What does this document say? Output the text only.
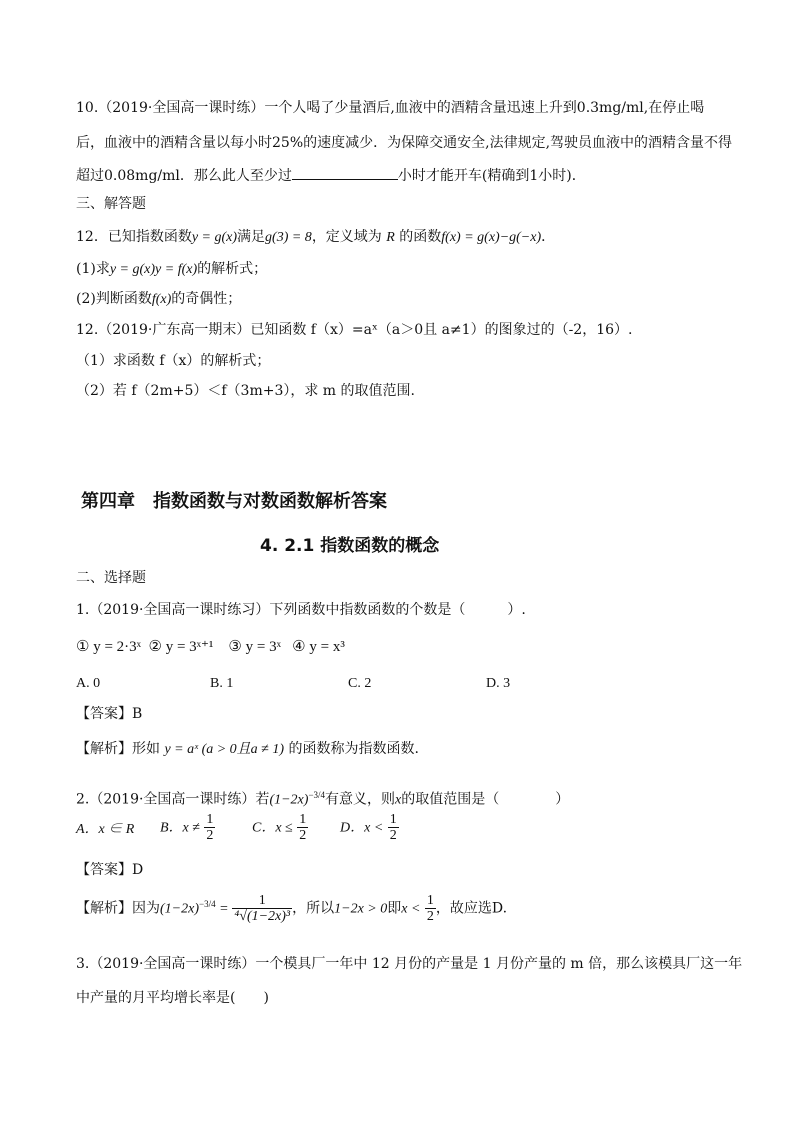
10.（2019·全国高一课时练）一个人喝了少量酒后,血液中的酒精含量迅速上升到0.3mg/ml,在停止喝
后，血液中的酒精含量以每小时25%的速度减少．为保障交通安全,法律规定,驾驶员血液中的酒精含量不得
超过0.08mg/ml．那么此人至少过	小时才能开车(精确到1小时)．
三、解答题
12．已知指数函数y = g(x)满足g(3) = 8，定义域为 R 的函数f(x) = g(x)−g(−x)．
(1)求y = g(x)y = f(x)的解析式；
(2)判断函数f(x)的奇偶性；
12.（2019·广东高一期末）已知函数 f（x）=aˣ（a＞0且 a≠1）的图象过的（-2，16）.
（1）求函数 f（x）的解析式；
（2）若 f（2m+5）＜f（3m+3），求 m 的取值范围.
第四章　指数函数与对数函数解析答案
4. 2.1 指数函数的概念
二、选择题
1.（2019·全国高一课时练习）下列函数中指数函数的个数是（　　　）.
① y = 2·3ˣ ② y = 3ˣ⁺¹ ③ y = 3ˣ ④ y = x³
A. 0	B. 1	C. 2	D. 3
【答案】B
【解析】形如 y = aˣ (a > 0且a ≠ 1) 的函数称为指数函数.
2.（2019·全国高一课时练）若$(1-2x)^{-3/4}$有意义，则x的取值范围是（　　　　）
A．x ∈ R B．$x \ne \frac{1}{2}$	C．$x \le \frac{1}{2}$ D．$x < \frac{1}{2}$
【答案】D
【解析】因为$(1-2x)^{-3/4} = \frac{1}{\text{⁴√(1−2x)³}}$ ，所以1−2x > 0即$x < \frac{1}{2}$ ，故应选D.
3.（2019·全国高一课时练）一个模具厂一年中 12 月份的产量是 1 月份产量的 m 倍，那么该模具厂这一年
中产量的月平均增长率是(　　)
